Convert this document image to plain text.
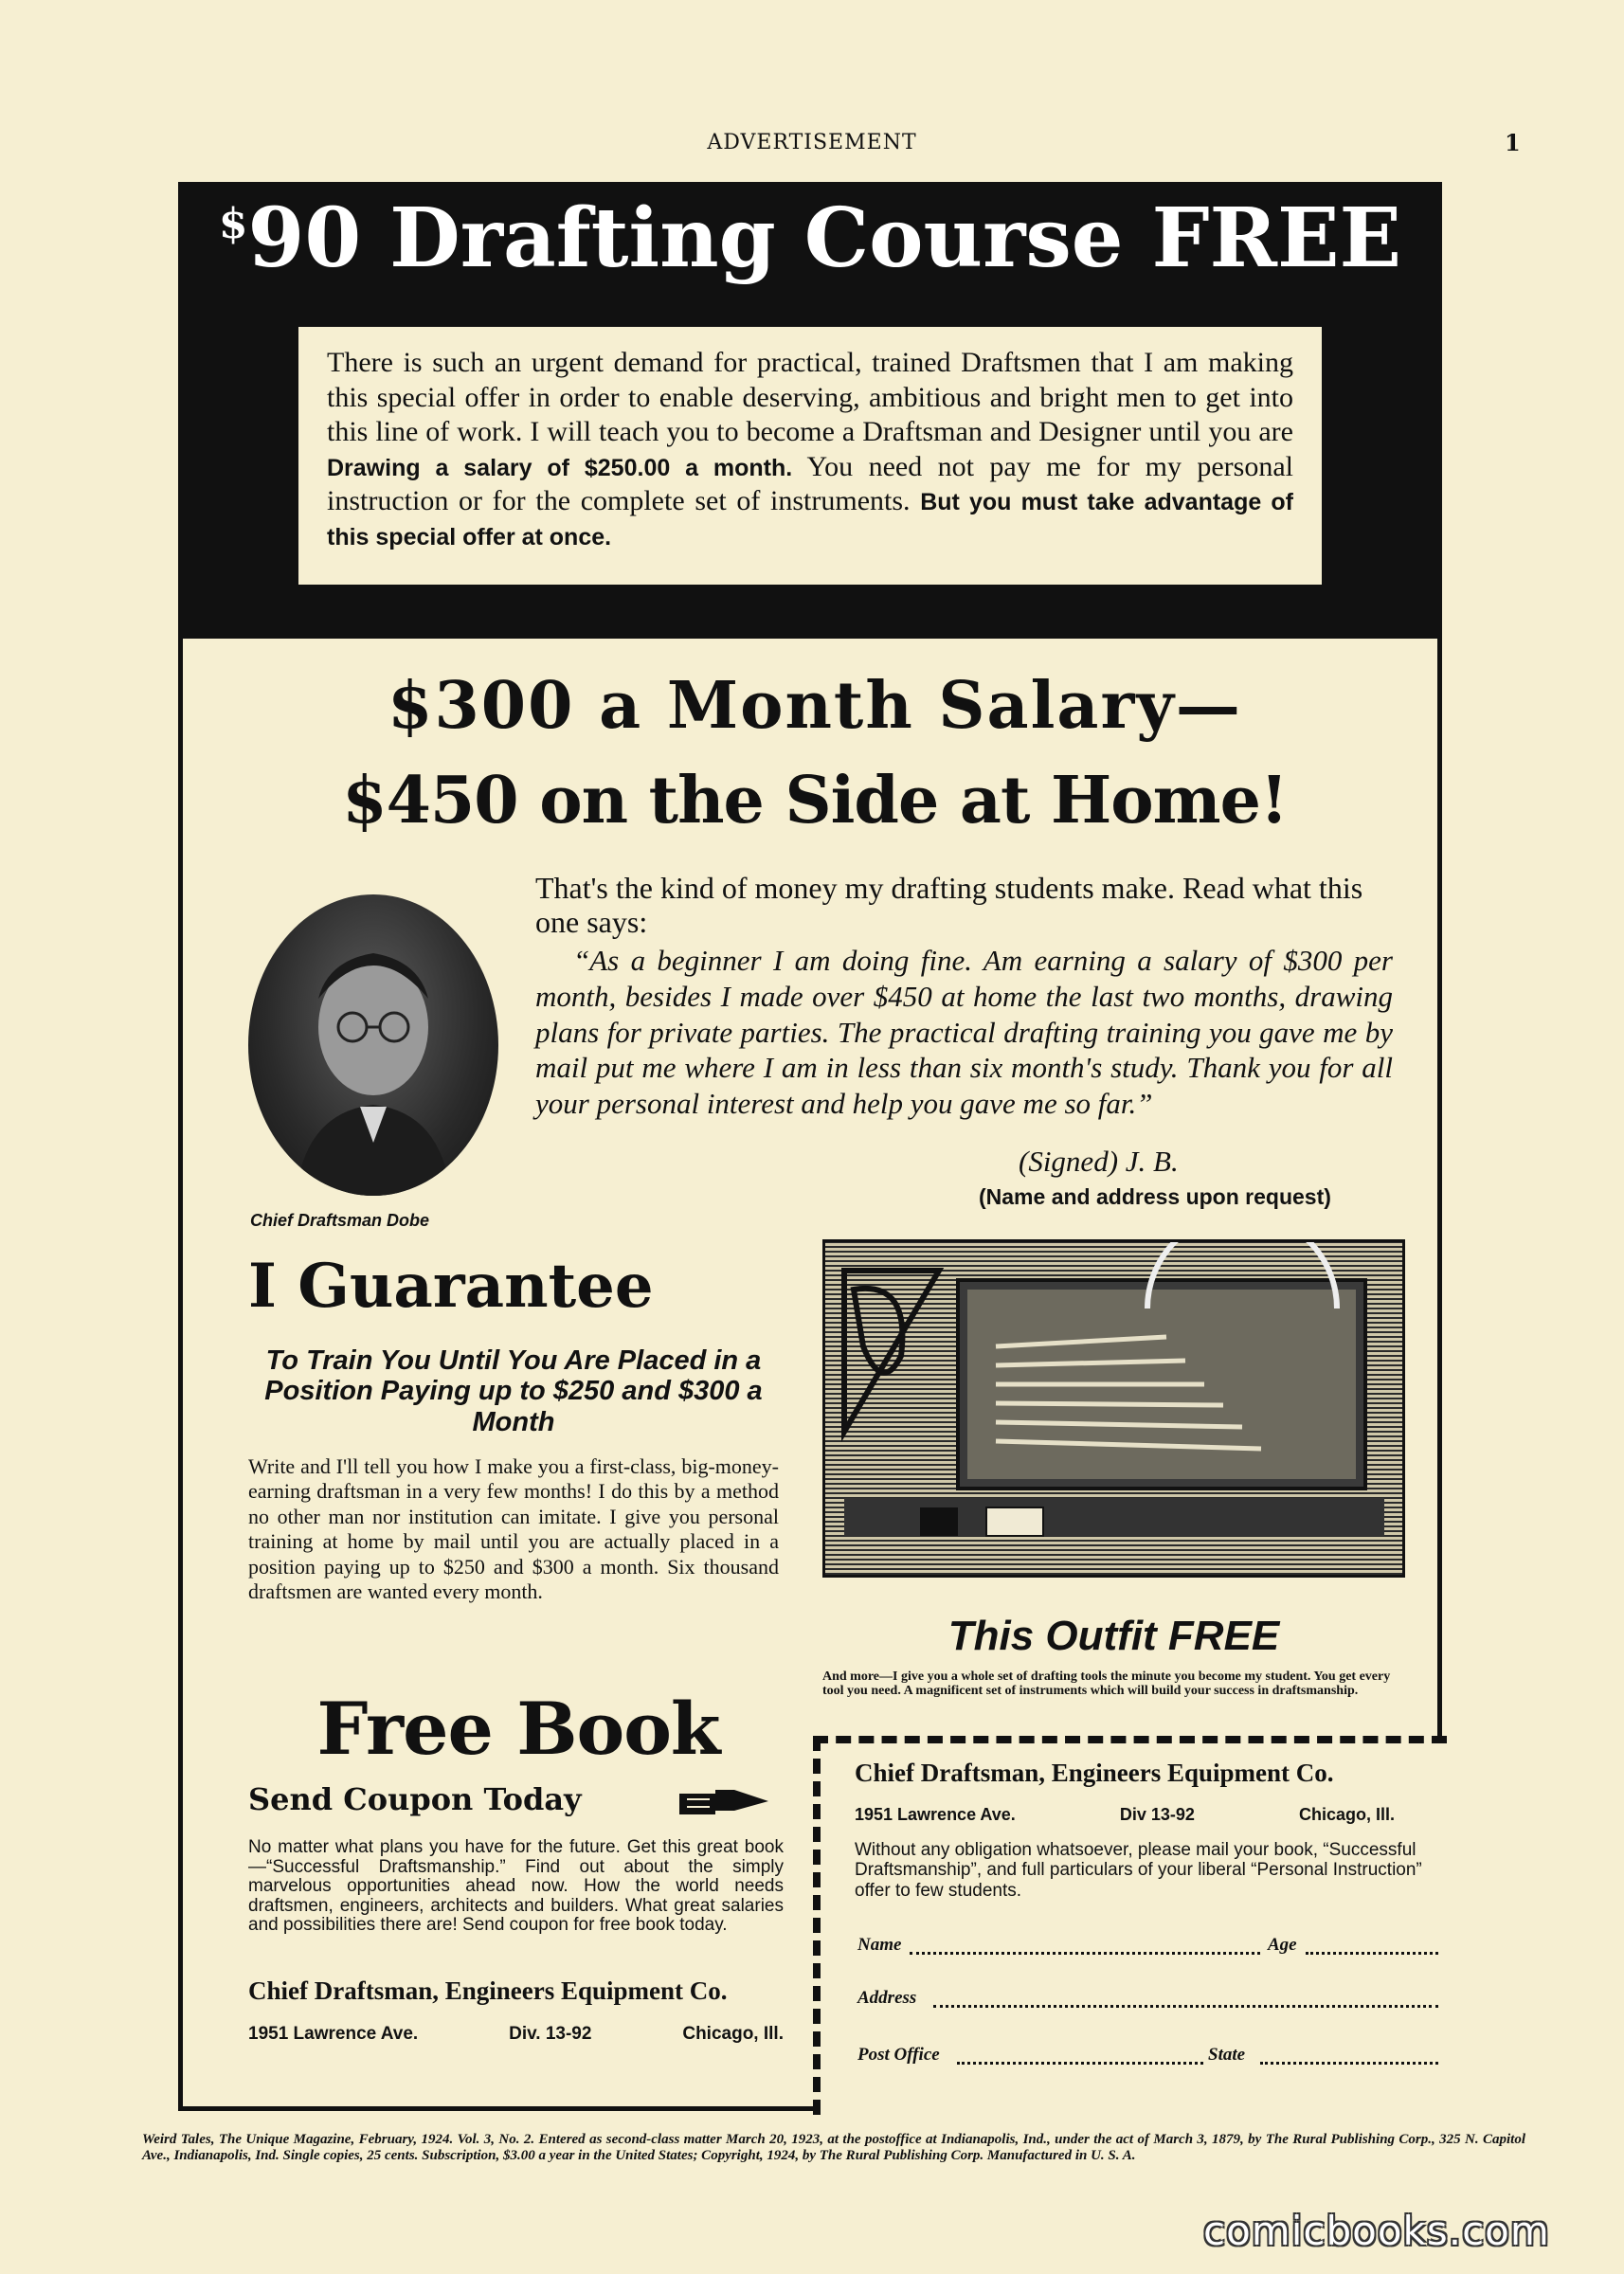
ADVERTISEMENT	1
$90 Drafting Course FREE
There is such an urgent demand for practical, trained Draftsmen that I am making this special offer in order to enable deserving, ambitious and bright men to get into this line of work. I will teach you to become a Draftsman and Designer until you are Drawing a salary of $250.00 a month. You need not pay me for my personal instruction or for the complete set of instruments. But you must take advantage of this special offer at once.
$300 a Month Salary—
$450 on the Side at Home!
Chief Draftsman Dobe
That's the kind of money my drafting students make. Read what this one says:
“As a beginner I am doing fine. Am earning a salary of $300 per month, besides I made over $450 at home the last two months, drawing plans for private parties. The practical drafting training you gave me by mail put me where I am in less than six month's study. Thank you for all your personal interest and help you gave me so far.”
(Signed) J. B.
(Name and address upon request)
I Guarantee
To Train You Until You Are Placed in a Position Paying up to $250 and $300 a Month
Write and I'll tell you how I make you a first-class, big-money-earning draftsman in a very few months! I do this by a method no other man nor institution can imitate. I give you personal training at home by mail until you are actually placed in a position paying up to $250 and $300 a month. Six thousand draftsmen are wanted every month.
This Outfit FREE
And more—I give you a whole set of drafting tools the minute you become my student. You get every tool you need. A magnificent set of instruments which will build your success in draftsmanship.
Free Book
Send Coupon Today
No matter what plans you have for the future. Get this great book—“Successful Draftsmanship.” Find out about the simply marvelous opportunities ahead now. How the world needs draftsmen, engineers, architects and builders. What great salaries and possibilities there are! Send coupon for free book today.
Chief Draftsman, Engineers Equipment Co.
1951 Lawrence Ave.	Div. 13-92	Chicago, Ill.
Chief Draftsman, Engineers Equipment Co.
1951 Lawrence Ave.	Div 13-92	Chicago, Ill.
Without any obligation whatsoever, please mail your book, “Successful Draftsmanship”, and full particulars of your liberal “Personal Instruction” offer to few students.
Name	Age
Address
Post Office	State
Weird Tales, The Unique Magazine, February, 1924. Vol. 3, No. 2. Entered as second-class matter March 20, 1923, at the postoffice at Indianapolis, Ind., under the act of March 3, 1879, by The Rural Publishing Corp., 325 N. Capitol Ave., Indianapolis, Ind. Single copies, 25 cents. Subscription, $3.00 a year in the United States; Copyright, 1924, by The Rural Publishing Corp. Manufactured in U. S. A.
comicbooks.com
